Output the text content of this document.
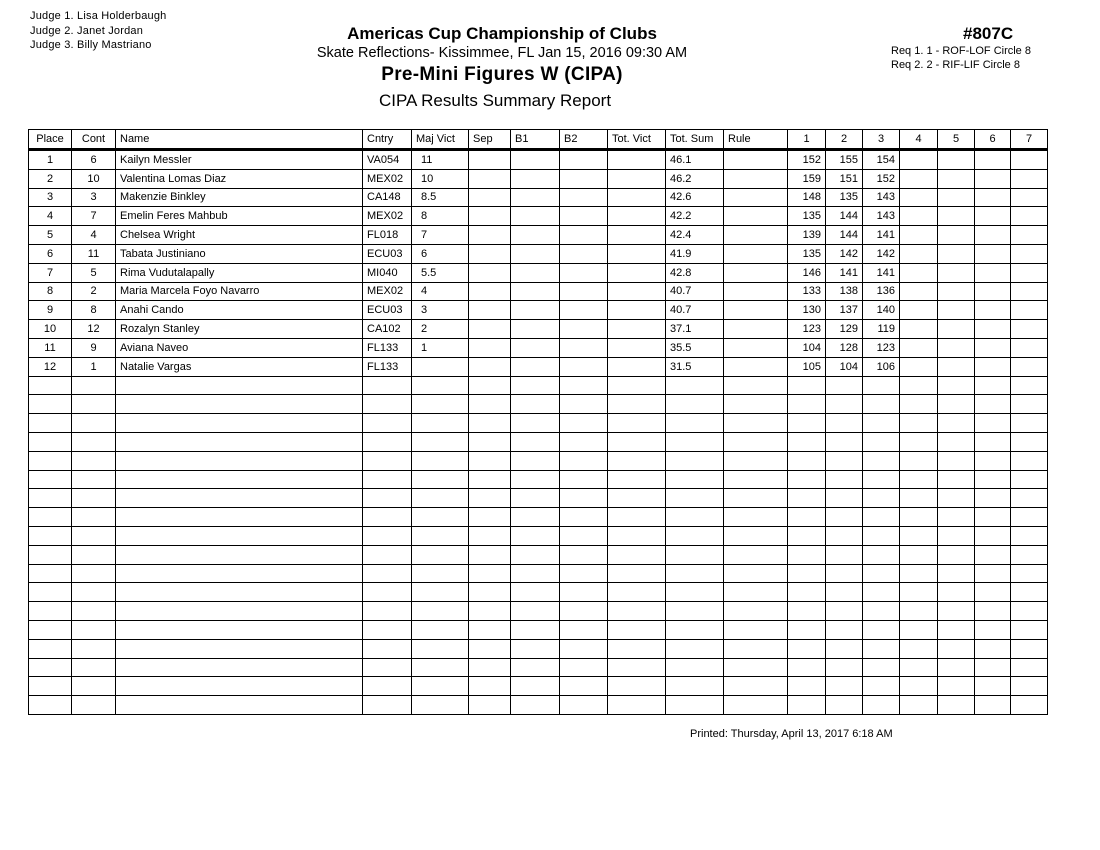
Judge 1. Lisa Holderbaugh
Judge 2. Janet Jordan
Judge 3. Billy Mastriano
Americas Cup Championship of Clubs
Skate Reflections- Kissimmee, FL Jan 15, 2016 09:30 AM
Pre-Mini Figures W (CIPA)
CIPA Results Summary Report
#807C
Req 1. 1 - ROF-LOF Circle 8
Req 2. 2 - RIF-LIF Circle 8
Place	Cont	Name	Cntry	Maj Vict	Sep	B1	B2	Tot. Vict	Tot. Sum	Rule	1	2	3	4	5	6	7
1	6	Kailyn Messler	VA054	11					46.1		152	155	154				
2	10	Valentina Lomas Diaz	MEX02	10					46.2		159	151	152				
3	3	Makenzie Binkley	CA148	8.5					42.6		148	135	143				
4	7	Emelin Feres Mahbub	MEX02	8					42.2		135	144	143				
5	4	Chelsea Wright	FL018	7					42.4		139	144	141				
6	11	Tabata Justiniano	ECU03	6					41.9		135	142	142				
7	5	Rima Vudutalapally	MI040	5.5					42.8		146	141	141				
8	2	Maria Marcela Foyo Navarro	MEX02	4					40.7		133	138	136				
9	8	Anahi Cando	ECU03	3					40.7		130	137	140				
10	12	Rozalyn Stanley	CA102	2					37.1		123	129	119				
11	9	Aviana Naveo	FL133	1					35.5		104	128	123				
12	1	Natalie Vargas	FL133						31.5		105	104	106				

Printed: Thursday, April 13, 2017 6:18 AM
